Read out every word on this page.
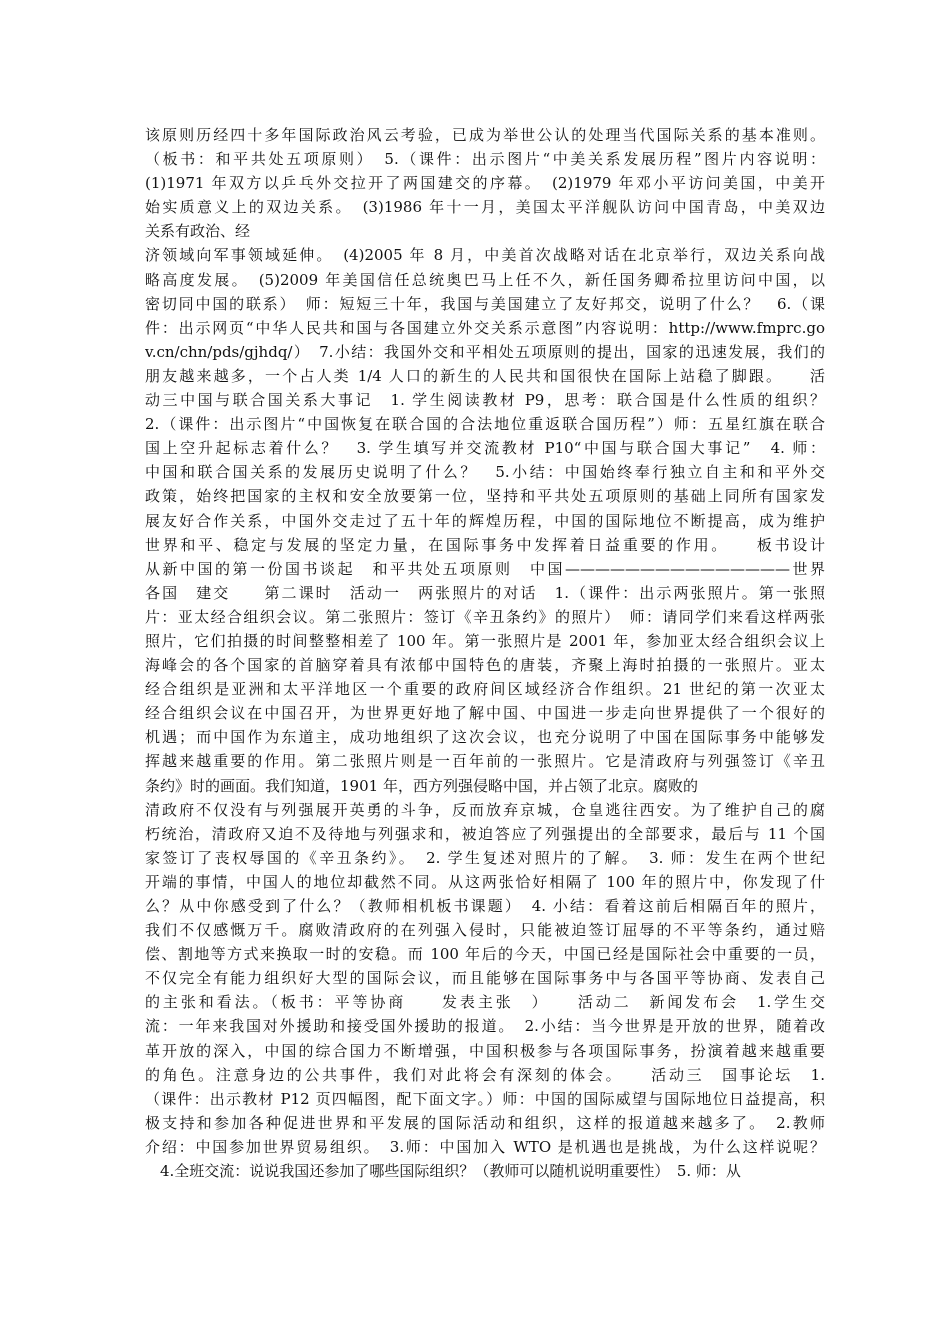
该原则历经四十多年国际政治风云考验，已成为举世公认的处理当代国际关系的基本准则。
（板书：和平共处五项原则）　5.（课件：出示图片“中美关系发展历程”图片内容说明：
(1)1971 年双方以乒乓外交拉开了两国建交的序幕。　(2)1979 年邓小平访问美国，中美开
始实质意义上的双边关系。　(3)1986 年十一月，美国太平洋舰队访问中国青岛，中美双边
关系有政治、经
济领域向军事领域延伸。　(4)2005 年 8 月，中美首次战略对话在北京举行，双边关系向战
略高度发展。　(5)2009 年美国信任总统奥巴马上任不久，新任国务卿希拉里访问中国，以
密切同中国的联系）　师：短短三十年，我国与美国建立了友好邦交，说明了什么？　6.（课
件：出示网页“中华人民共和国与各国建立外交关系示意图”内容说明：http://www.fmprc.go
v.cn/chn/pds/gjhdq/）　7.小结：我国外交和平相处五项原则的提出，国家的迅速发展，我们的
朋友越来越多，一个占人类 1/4 人口的新生的人民共和国很快在国际上站稳了脚跟。　　活
动三中国与联合国关系大事记　1. 学生阅读教材 P9，思考：联合国是什么性质的组织？
2.（课件：出示图片“中国恢复在联合国的合法地位重返联合国历程”）师：五星红旗在联合
国上空升起标志着什么？　3. 学生填写并交流教材 P10“中国与联合国大事记”　4. 师：
中国和联合国关系的发展历史说明了什么？　5.小结：中国始终奉行独立自主和和平外交
政策，始终把国家的主权和安全放要第一位，坚持和平共处五项原则的基础上同所有国家发
展友好合作关系，中国外交走过了五十年的辉煌历程，中国的国际地位不断提高，成为维护
世界和平、稳定与发展的坚定力量，在国际事务中发挥着日益重要的作用。　　板书设计
从新中国的第一份国书谈起　和平共处五项原则　中国———————————————世界
各国　建交　　第二课时　活动一　两张照片的对话　1.（课件：出示两张照片。第一张照
片：亚太经合组织会议。第二张照片：签订《辛丑条约》的照片）　师：请同学们来看这样两张
照片，它们拍摄的时间整整相差了 100 年。第一张照片是 2001 年，参加亚太经合组织会议上
海峰会的各个国家的首脑穿着具有浓郁中国特色的唐装，齐聚上海时拍摄的一张照片。亚太
经合组织是亚洲和太平洋地区一个重要的政府间区域经济合作组织。21 世纪的第一次亚太
经合组织会议在中国召开，为世界更好地了解中国、中国进一步走向世界提供了一个很好的
机遇；而中国作为东道主，成功地组织了这次会议，也充分说明了中国在国际事务中能够发
挥越来越重要的作用。第二张照片则是一百年前的一张照片。它是清政府与列强签订《辛丑
条约》时的画面。我们知道，1901 年，西方列强侵略中国，并占领了北京。腐败的
清政府不仅没有与列强展开英勇的斗争，反而放弃京城，仓皇逃往西安。为了维护自己的腐
朽统治，清政府又迫不及待地与列强求和，被迫答应了列强提出的全部要求，最后与 11 个国
家签订了丧权辱国的《辛丑条约》。　2. 学生复述对照片的了解。　3. 师：发生在两个世纪
开端的事情，中国人的地位却截然不同。从这两张恰好相隔了 100 年的照片中，你发现了什
么？从中你感受到了什么？（教师相机板书课题）　4. 小结：看着这前后相隔百年的照片，
我们不仅感慨万千。腐败清政府的在列强入侵时，只能被迫签订屈辱的不平等条约，通过赔
偿、割地等方式来换取一时的安稳。而 100 年后的今天，中国已经是国际社会中重要的一员，
不仅完全有能力组织好大型的国际会议，而且能够在国际事务中与各国平等协商、发表自己
的主张和看法。（板书：平等协商　　发表主张　）　　活动二　新闻发布会　1.学生交
流：一年来我国对外援助和接受国外援助的报道。　2.小结：当今世界是开放的世界，随着改
革开放的深入，中国的综合国力不断增强，中国积极参与各项国际事务，扮演着越来越重要
的角色。注意身边的公共事件，我们对此将会有深刻的体会。　　活动三　国事论坛　1.
（课件：出示教材 P12 页四幅图，配下面文字。）师：中国的国际威望与国际地位日益提高，积
极支持和参加各种促进世界和平发展的国际活动和组织，这样的报道越来越多了。　2.教师
介绍：中国参加世界贸易组织。　3.师：中国加入 WTO 是机遇也是挑战，为什么这样说呢？
　4.全班交流：说说我国还参加了哪些国际组织？（教师可以随机说明重要性）　5. 师：从
